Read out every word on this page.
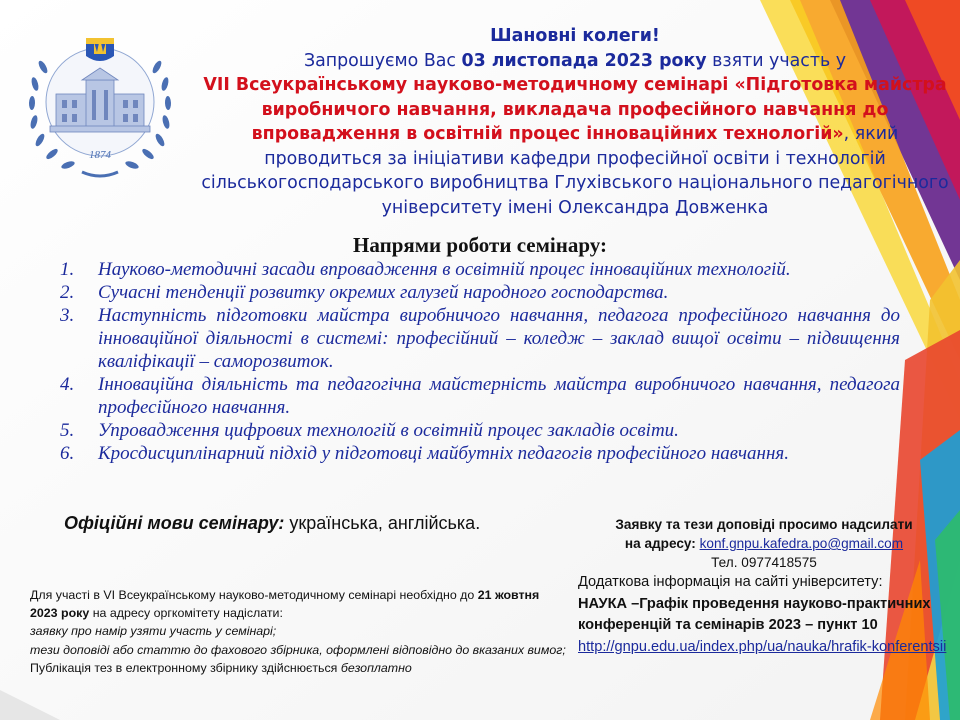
1874
Шановні колеги!
Запрошуємо Вас 03 листопада 2023 року взяти участь у
VII Всеукраїнському науково-методичному семінарі «Підготовка майстра виробничого навчання, викладача професійного навчання до впровадження в освітній процес інноваційних технологій», який проводиться за ініціативи кафедри професійної освіти і технологій сільськогосподарського виробництва Глухівського національного педагогічного університету імені Олександра Довженка
Напрями роботи семінару:
1. Науково-методичні засади впровадження в освітній процес інноваційних технологій.
2. Сучасні тенденції розвитку окремих галузей народного господарства.
3. Наступність підготовки майстра виробничого навчання, педагога професійного навчання до інноваційної діяльності в системі: професійний – коледж – заклад вищої освіти – підвищення кваліфікації – саморозвиток.
4. Інноваційна діяльність та педагогічна майстерність майстра виробничого навчання, педагога професійного навчання.
5. Упровадження цифрових технологій в освітній процес закладів освіти.
6. Кросдисциплінарний підхід у підготовці майбутніх педагогів професійного навчання.
Офіційні мови семінару: українська, англійська.	Заявку та тези доповіді просимо надсилати
на адресу: konf.gnpu.kafedra.po@gmail.com
Тел. 0977418575
Додаткова інформація на сайті університету:
НАУКА –Графік проведення науково-практичних конференцій та семінарів 2023 – пункт 10
http://gnpu.edu.ua/index.php/ua/nauka/hrafik-konferentsii
Для участі в VI Всеукраїнському науково-методичному семінарі необхідно до 21 жовтня 2023 року на адресу оргкомітету надіслати:
заявку про намір узяти участь у семінарі;
тези доповіді або статтю до фахового збірника, оформлені відповідно до вказаних вимог;
Публікація тез в електронному збірнику здійснюється безоплатно
